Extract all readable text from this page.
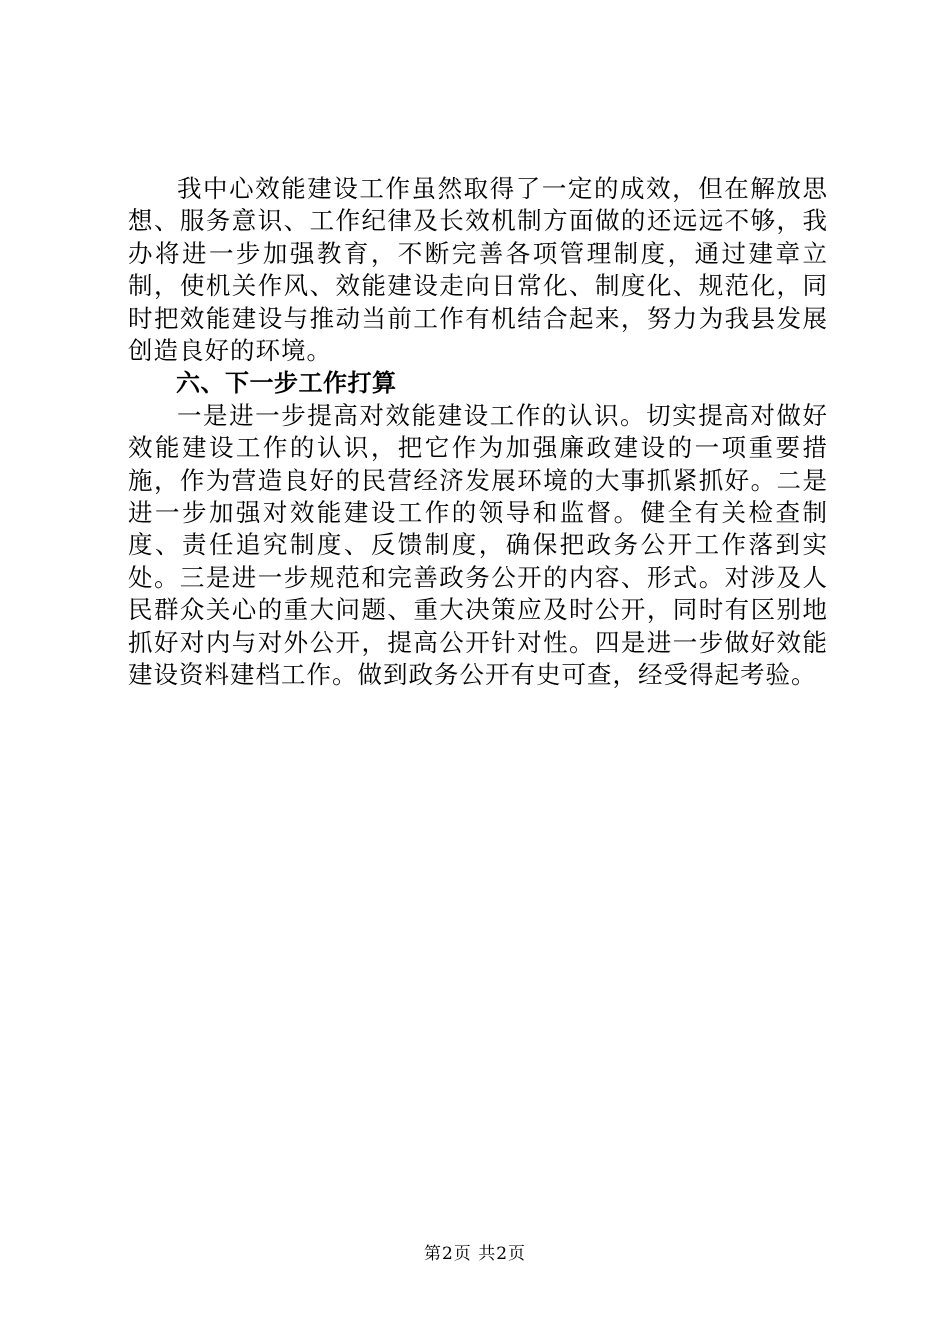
我中心效能建设工作虽然取得了一定的成效，但在解放思想、服务意识、工作纪律及长效机制方面做的还远远不够，我办将进一步加强教育，不断完善各项管理制度，通过建章立制，使机关作风、效能建设走向日常化、制度化、规范化，同时把效能建设与推动当前工作有机结合起来，努力为我县发展创造良好的环境。

六、下一步工作打算

一是进一步提高对效能建设工作的认识。切实提高对做好效能建设工作的认识，把它作为加强廉政建设的一项重要措施，作为营造良好的民营经济发展环境的大事抓紧抓好。二是进一步加强对效能建设工作的领导和监督。健全有关检查制度、责任追究制度、反馈制度，确保把政务公开工作落到实处。三是进一步规范和完善政务公开的内容、形式。对涉及人民群众关心的重大问题、重大决策应及时公开，同时有区别地抓好对内与对外公开，提高公开针对性。四是进一步做好效能建设资料建档工作。做到政务公开有史可查，经受得起考验。

第2页 共2页
